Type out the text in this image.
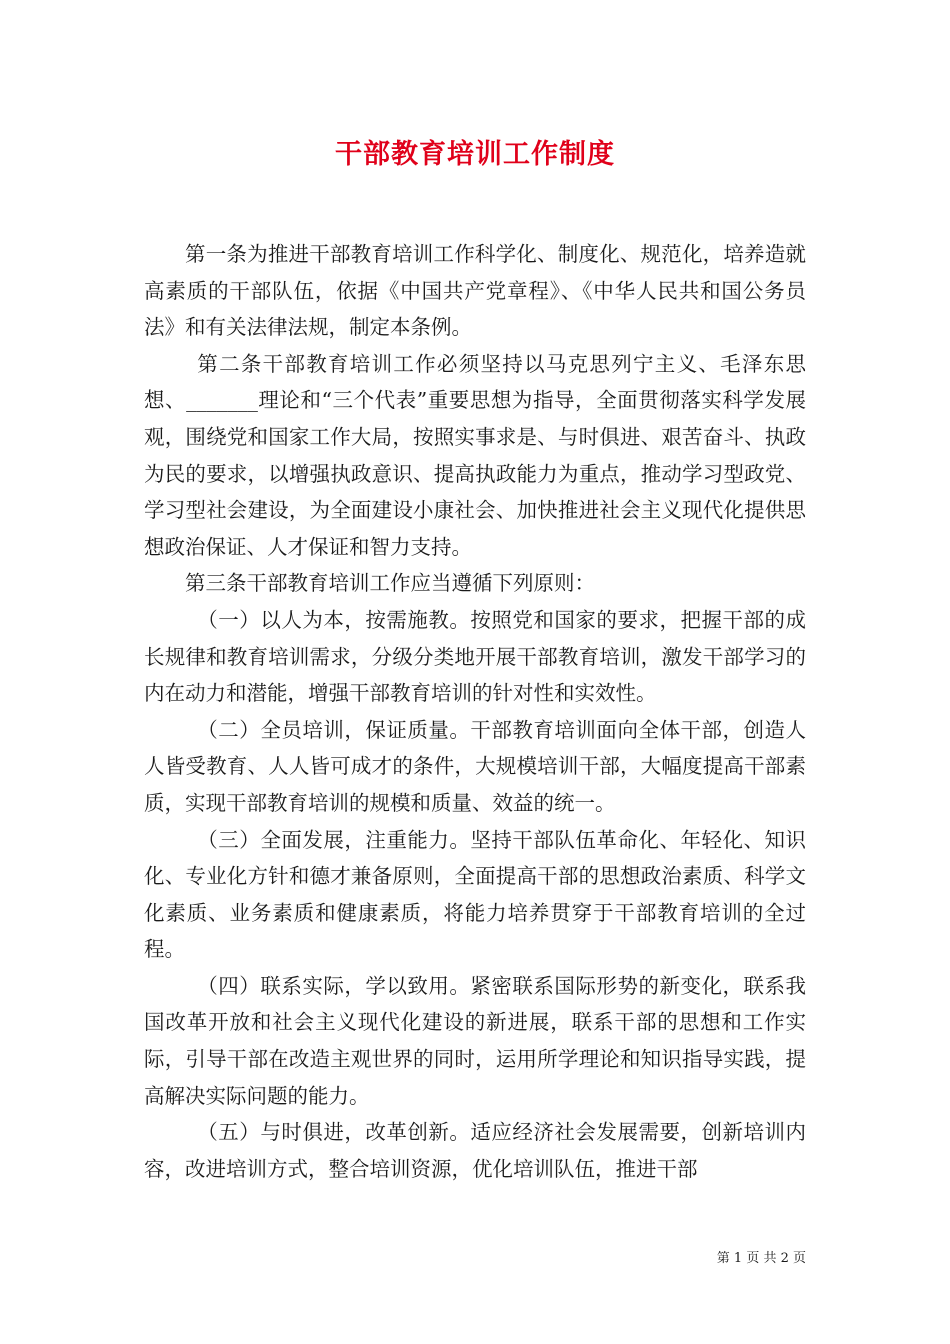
干部教育培训工作制度

第一条为推进干部教育培训工作科学化、制度化、规范化，培养造就高素质的干部队伍，依据《中国共产党章程》、《中华人民共和国公务员法》和有关法律法规，制定本条例。

第二条干部教育培训工作必须坚持以马克思列宁主义、毛泽东思想、_______理论和“三个代表”重要思想为指导，全面贯彻落实科学发展观，围绕党和国家工作大局，按照实事求是、与时俱进、艰苦奋斗、执政为民的要求，以增强执政意识、提高执政能力为重点，推动学习型政党、学习型社会建设，为全面建设小康社会、加快推进社会主义现代化提供思想政治保证、人才保证和智力支持。

第三条干部教育培训工作应当遵循下列原则：

（一）以人为本，按需施教。按照党和国家的要求，把握干部的成长规律和教育培训需求，分级分类地开展干部教育培训，激发干部学习的内在动力和潜能，增强干部教育培训的针对性和实效性。

（二）全员培训，保证质量。干部教育培训面向全体干部，创造人人皆受教育、人人皆可成才的条件，大规模培训干部，大幅度提高干部素质，实现干部教育培训的规模和质量、效益的统一。

（三）全面发展，注重能力。坚持干部队伍革命化、年轻化、知识化、专业化方针和德才兼备原则，全面提高干部的思想政治素质、科学文化素质、业务素质和健康素质，将能力培养贯穿于干部教育培训的全过程。

（四）联系实际，学以致用。紧密联系国际形势的新变化，联系我国改革开放和社会主义现代化建设的新进展，联系干部的思想和工作实际，引导干部在改造主观世界的同时，运用所学理论和知识指导实践，提高解决实际问题的能力。

（五）与时俱进，改革创新。适应经济社会发展需要，创新培训内容，改进培训方式，整合培训资源，优化培训队伍，推进干部

第 1 页 共 2 页
